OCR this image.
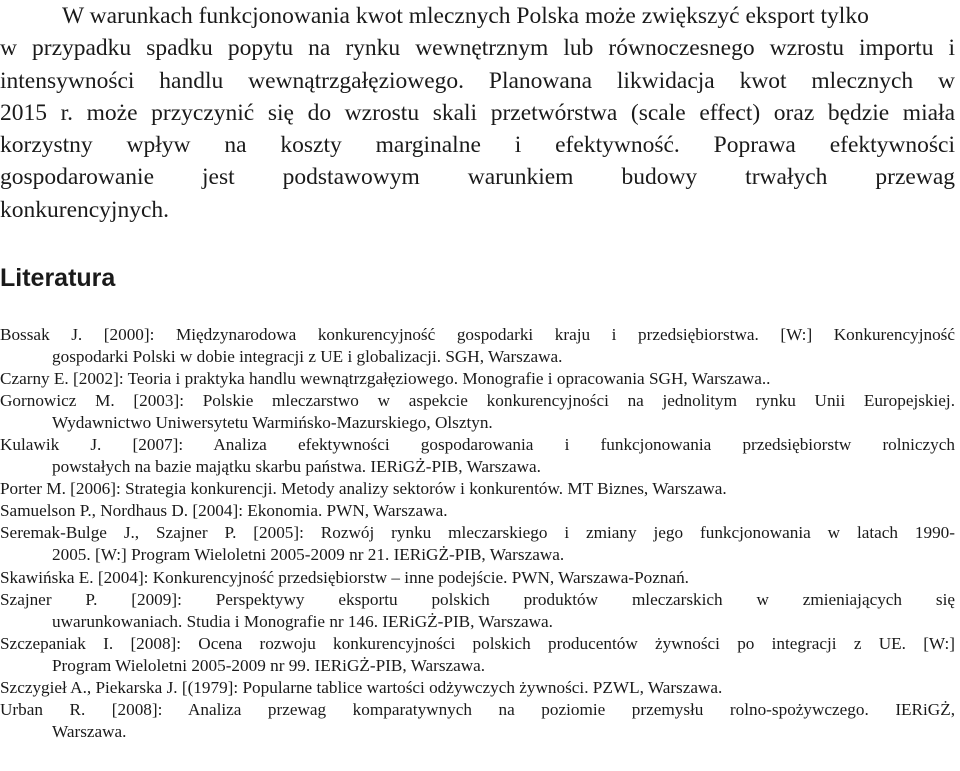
W warunkach funkcjonowania kwot mlecznych Polska może zwiększyć eksport tylko
w przypadku spadku popytu na rynku wewnętrznym lub równoczesnego wzrostu importu i
intensywności handlu wewnątrzgałęziowego. Planowana likwidacja kwot mlecznych w
2015 r. może przyczynić się do wzrostu skali przetwórstwa (scale effect) oraz będzie miała
korzystny wpływ na koszty marginalne i efektywność. Poprawa efektywności
gospodarowanie jest podstawowym warunkiem budowy trwałych przewag
konkurencyjnych.
Literatura
Bossak J. [2000]: Międzynarodowa konkurencyjność gospodarki kraju i przedsiębiorstwa. [W:] Konkurencyjność
gospodarki Polski w dobie integracji z UE i globalizacji. SGH, Warszawa.
Czarny E. [2002]: Teoria i praktyka handlu wewnątrzgałęziowego. Monografie i opracowania SGH, Warszawa..
Gornowicz M. [2003]: Polskie mleczarstwo w aspekcie konkurencyjności na jednolitym rynku Unii Europejskiej.
Wydawnictwo Uniwersytetu Warmińsko-Mazurskiego, Olsztyn.
Kulawik J. [2007]: Analiza efektywności gospodarowania i funkcjonowania przedsiębiorstw rolniczych
powstałych na bazie majątku skarbu państwa. IERiGŻ-PIB, Warszawa.
Porter M. [2006]: Strategia konkurencji. Metody analizy sektorów i konkurentów. MT Biznes, Warszawa.
Samuelson P., Nordhaus D. [2004]: Ekonomia. PWN, Warszawa.
Seremak-Bulge J., Szajner P. [2005]: Rozwój rynku mleczarskiego i zmiany jego funkcjonowania w latach 1990-
2005. [W:] Program Wieloletni 2005-2009 nr 21. IERiGŻ-PIB, Warszawa.
Skawińska E. [2004]: Konkurencyjność przedsiębiorstw – inne podejście. PWN, Warszawa-Poznań.
Szajner P. [2009]: Perspektywy eksportu polskich produktów mleczarskich w zmieniających się
uwarunkowaniach. Studia i Monografie nr 146. IERiGŻ-PIB, Warszawa.
Szczepaniak I. [2008]: Ocena rozwoju konkurencyjności polskich producentów żywności po integracji z UE. [W:]
Program Wieloletni 2005-2009 nr 99. IERiGŻ-PIB, Warszawa.
Szczygieł A., Piekarska J. [(1979]: Popularne tablice wartości odżywczych żywności. PZWL, Warszawa.
Urban R. [2008]: Analiza przewag komparatywnych na poziomie przemysłu rolno-spożywczego. IERiGŻ,
Warszawa.
